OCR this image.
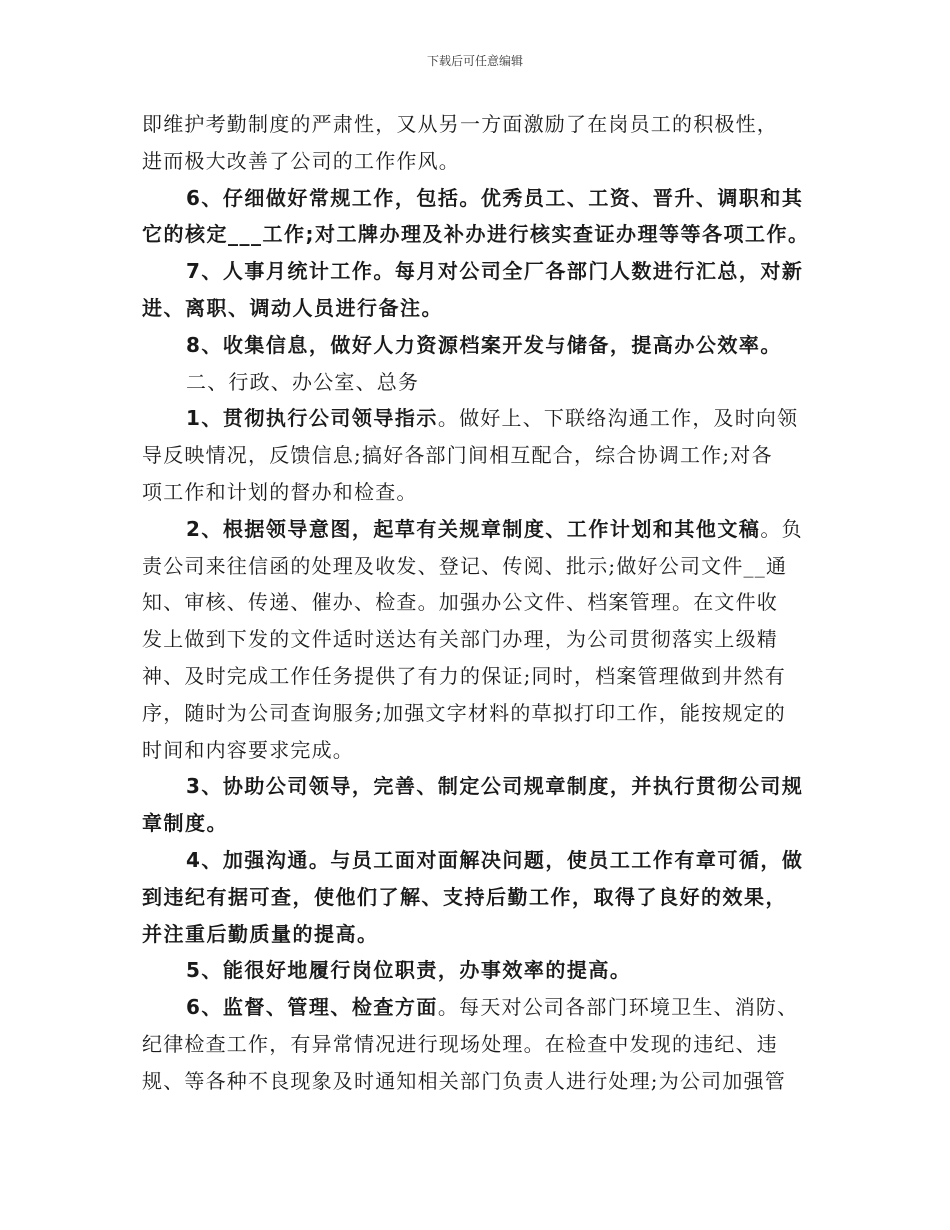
下载后可任意编辑
即维护考勤制度的严肃性，又从另一方面激励了在岗员工的积极性，
进而极大改善了公司的工作作风。
6、仔细做好常规工作，包括。优秀员工、工资、晋升、调职和其
它的核定___工作;对工牌办理及补办进行核实查证办理等等各项工作。
7、人事月统计工作。每月对公司全厂各部门人数进行汇总，对新
进、离职、调动人员进行备注。
8、收集信息，做好人力资源档案开发与储备，提高办公效率。
二、行政、办公室、总务
1、贯彻执行公司领导指示。做好上、下联络沟通工作，及时向领
导反映情况，反馈信息;搞好各部门间相互配合，综合协调工作;对各
项工作和计划的督办和检查。
2、根据领导意图，起草有关规章制度、工作计划和其他文稿。负
责公司来往信函的处理及收发、登记、传阅、批示;做好公司文件__通
知、审核、传递、催办、检查。加强办公文件、档案管理。在文件收
发上做到下发的文件适时送达有关部门办理，为公司贯彻落实上级精
神、及时完成工作任务提供了有力的保证;同时，档案管理做到井然有
序，随时为公司查询服务;加强文字材料的草拟打印工作，能按规定的
时间和内容要求完成。
3、协助公司领导，完善、制定公司规章制度，并执行贯彻公司规
章制度。
4、加强沟通。与员工面对面解决问题，使员工工作有章可循，做
到违纪有据可查，使他们了解、支持后勤工作，取得了良好的效果，
并注重后勤质量的提高。
5、能很好地履行岗位职责，办事效率的提高。
6、监督、管理、检查方面。每天对公司各部门环境卫生、消防、
纪律检查工作，有异常情况进行现场处理。在检查中发现的违纪、违
规、等各种不良现象及时通知相关部门负责人进行处理;为公司加强管
